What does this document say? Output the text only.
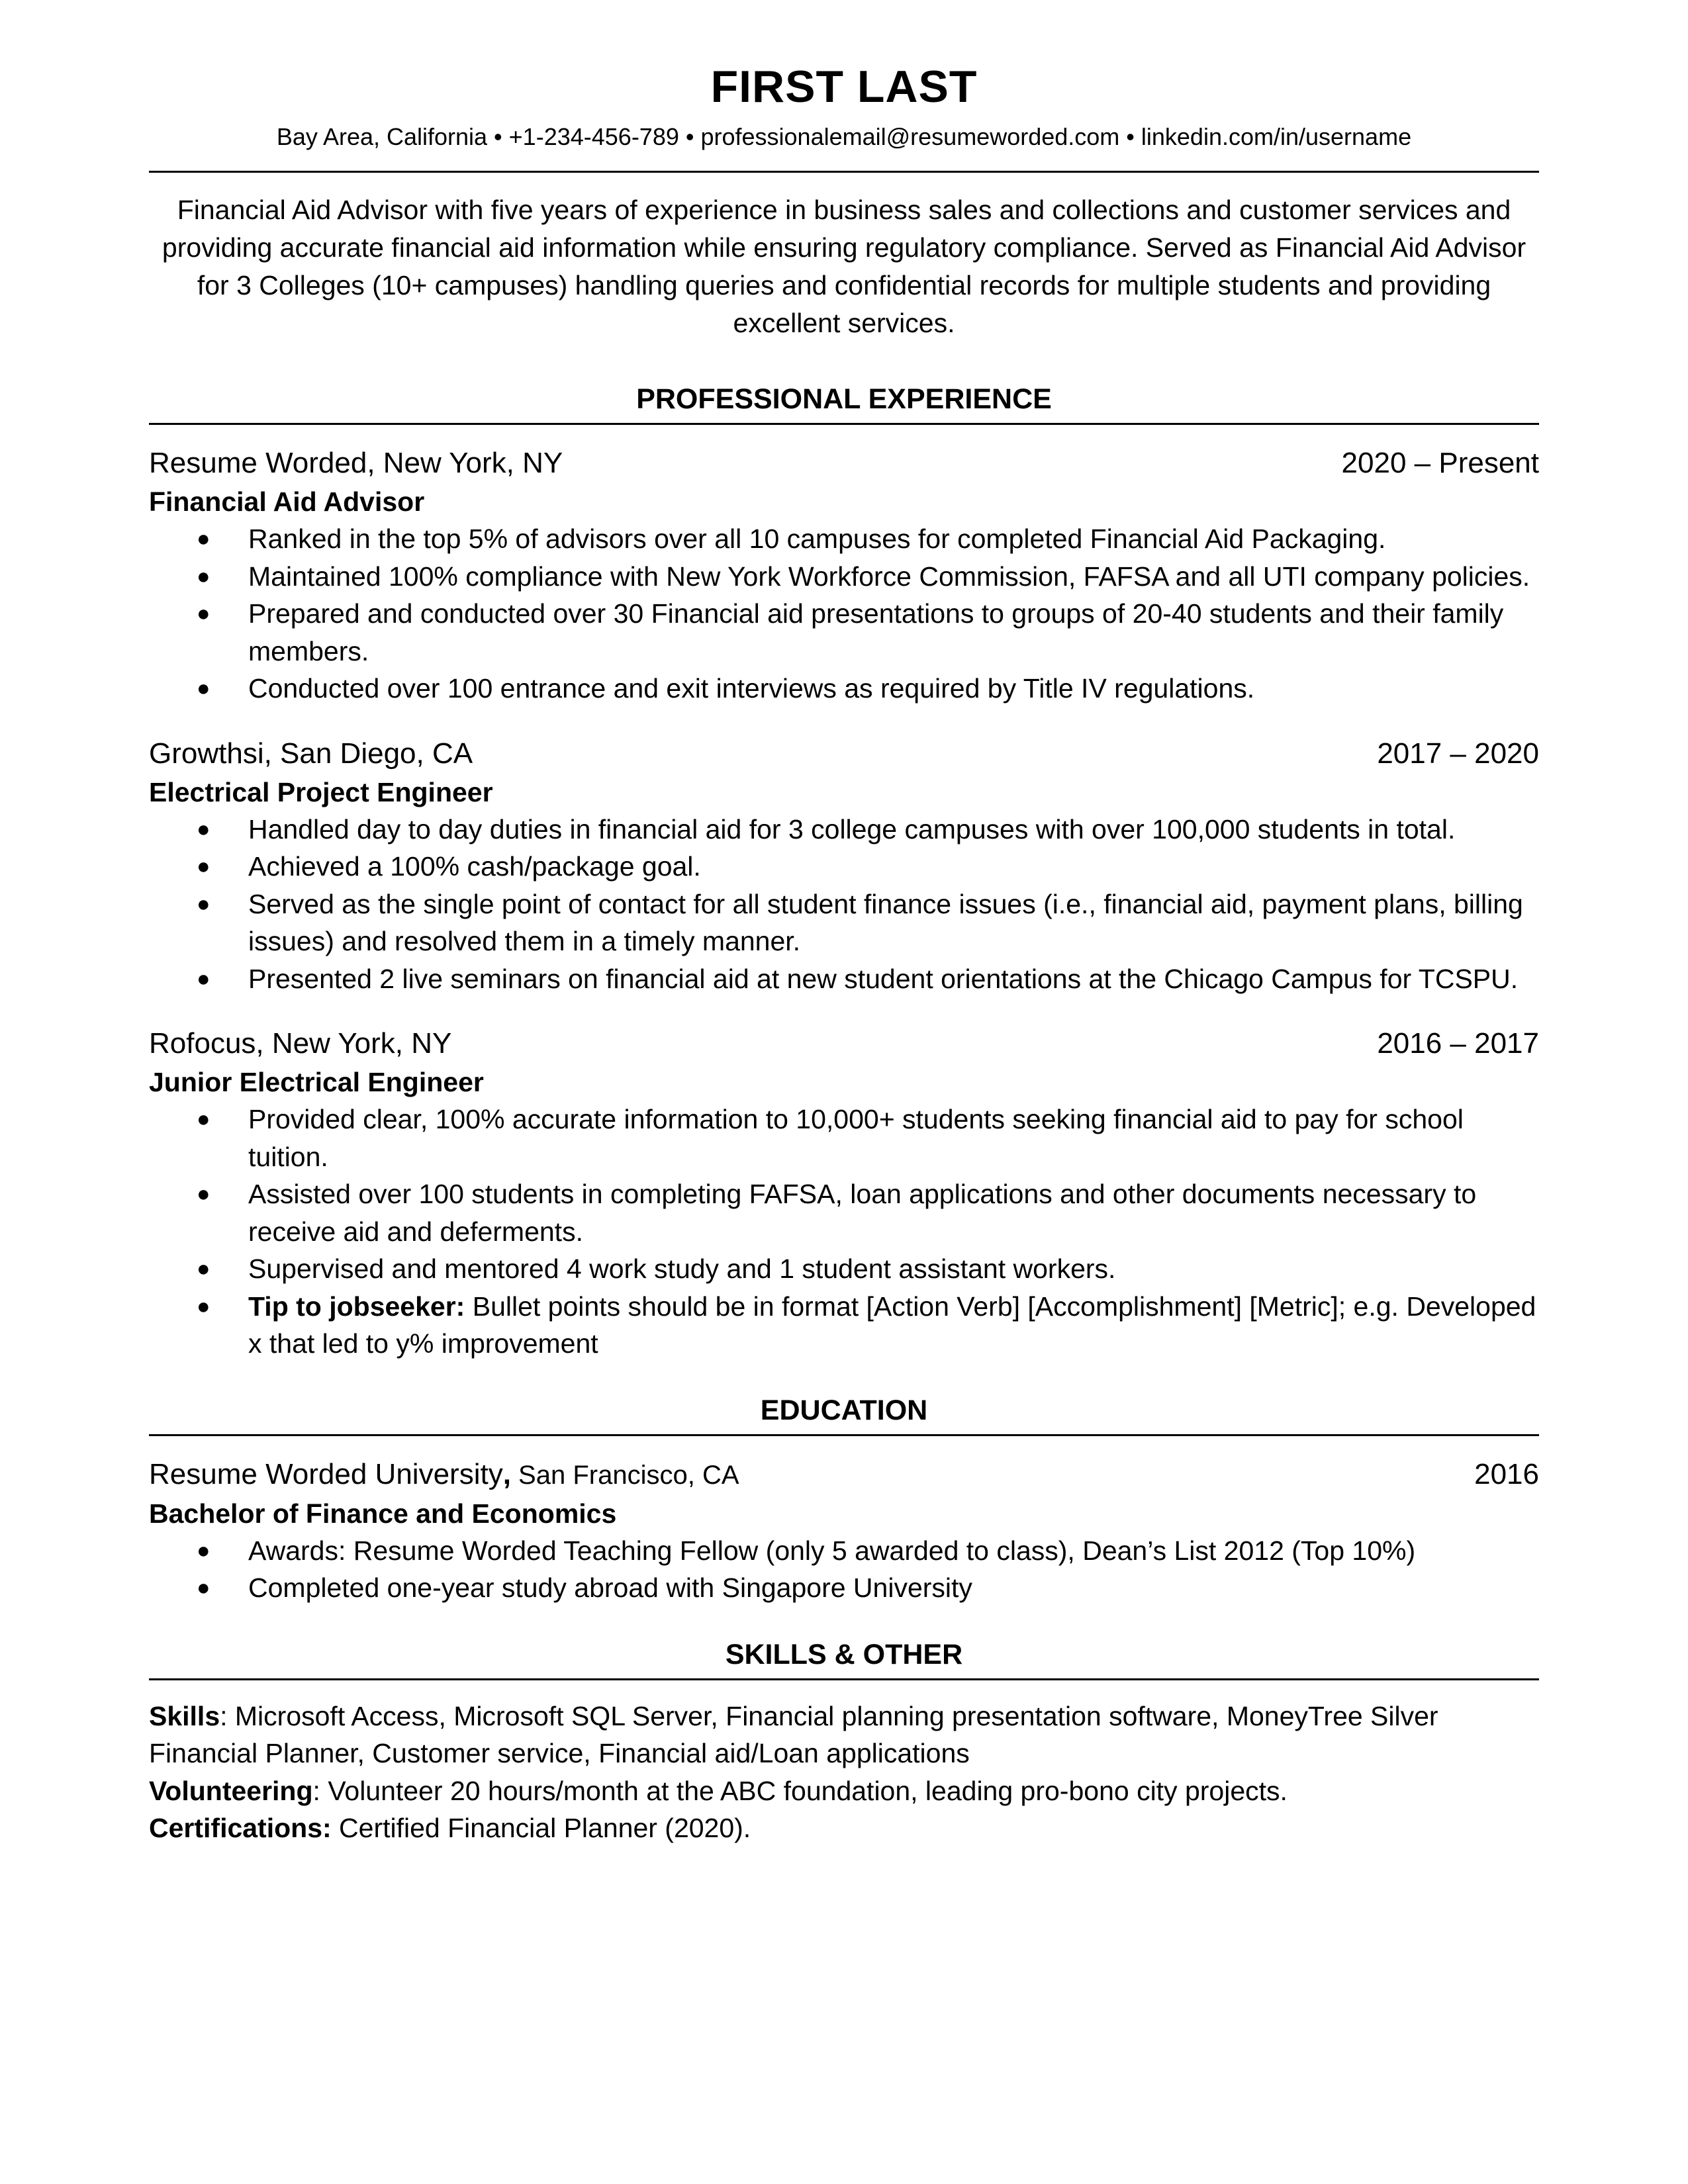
FIRST LAST
Bay Area, California • +1-234-456-789 • professionalemail@resumeworded.com • linkedin.com/in/username
Financial Aid Advisor with five years of experience in business sales and collections and customer services and providing accurate financial aid information while ensuring regulatory compliance. Served as Financial Aid Advisor for 3 Colleges (10+ campuses) handling queries and confidential records for multiple students and providing excellent services.
PROFESSIONAL EXPERIENCE
Resume Worded, New York, NY	2020 – Present
Financial Aid Advisor
● Ranked in the top 5% of advisors over all 10 campuses for completed Financial Aid Packaging.
● Maintained 100% compliance with New York Workforce Commission, FAFSA and all UTI company policies.
● Prepared and conducted over 30 Financial aid presentations to groups of 20-40 students and their family members.
● Conducted over 100 entrance and exit interviews as required by Title IV regulations.
Growthsi, San Diego, CA	2017 – 2020
Electrical Project Engineer
● Handled day to day duties in financial aid for 3 college campuses with over 100,000 students in total.
● Achieved a 100% cash/package goal.
● Served as the single point of contact for all student finance issues (i.e., financial aid, payment plans, billing issues) and resolved them in a timely manner.
● Presented 2 live seminars on financial aid at new student orientations at the Chicago Campus for TCSPU.
Rofocus, New York, NY	2016 – 2017
Junior Electrical Engineer
● Provided clear, 100% accurate information to 10,000+ students seeking financial aid to pay for school tuition.
● Assisted over 100 students in completing FAFSA, loan applications and other documents necessary to receive aid and deferments.
● Supervised and mentored 4 work study and 1 student assistant workers.
● Tip to jobseeker: Bullet points should be in format [Action Verb] [Accomplishment] [Metric]; e.g. Developed x that led to y% improvement
EDUCATION
Resume Worded University, San Francisco, CA	2016
Bachelor of Finance and Economics
● Awards: Resume Worded Teaching Fellow (only 5 awarded to class), Dean’s List 2012 (Top 10%)
● Completed one-year study abroad with Singapore University
SKILLS & OTHER

Skills: Microsoft Access, Microsoft SQL Server, Financial planning presentation software, MoneyTree Silver Financial Planner, Customer service, Financial aid/Loan applications

Volunteering: Volunteer 20 hours/month at the ABC foundation, leading pro-bono city projects.

Certifications: Certified Financial Planner (2020).
